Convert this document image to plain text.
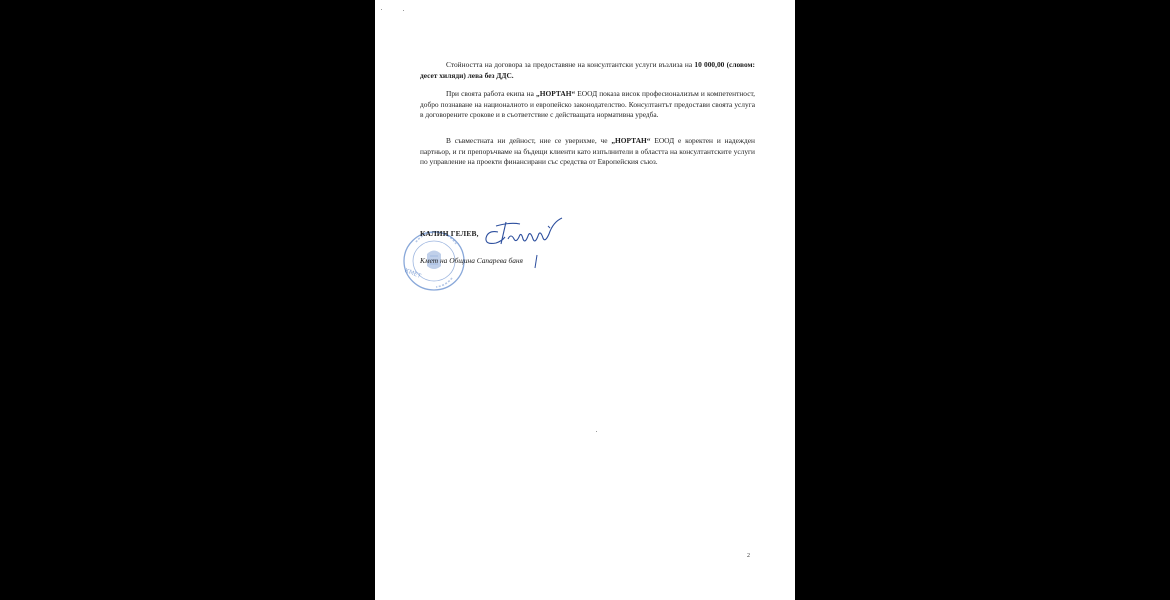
Стойността на договора за предоставяне на консултантски услуги възлиза на 10 000,00 (словом: десет хиляди) лева без ДДС.

При своята работа екипа на „НОРТАН“ ЕООД показа висок професионализъм и компетентност, добро познаване на националното и европейско законодателство. Консултантът предостави своята услуга в договорените срокове и в съответствие с действащата нормативна уредба.

В съвместната ни дейност, ние се уверихме, че „НОРТАН“ ЕООД е коректен и надежден партньор, и ги препоръчваме на бъдещи клиенти като изпълнители в областта на консултантските услуги по управление на проекти финансирани със средства от Европейския съюз.

КМЕТ
КАЛИН ГЕЛЕВ,
Кмет на Община Сапарева баня
2
